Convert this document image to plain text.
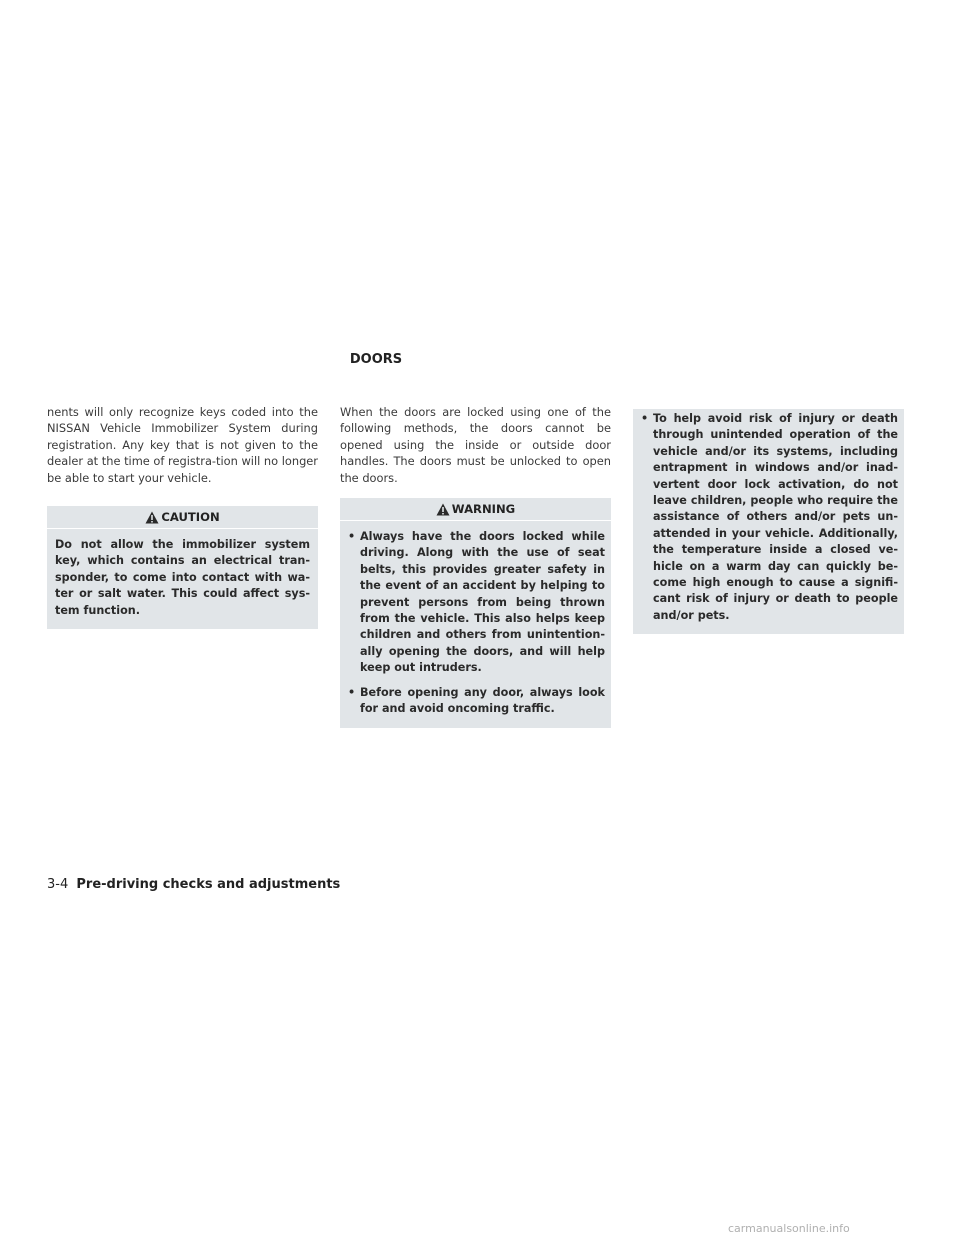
DOORS

nents will only recognize keys coded into the NISSAN Vehicle Immobilizer System during registration. Any key that is not given to the dealer at the time of registra-tion will no longer be able to start your vehicle.

CAUTION

Do not allow the immobilizer system key, which contains an electrical tran-sponder, to come into contact with wa-ter or salt water. This could affect sys-tem function.

When the doors are locked using one of the following methods, the doors cannot be opened using the inside or outside door handles. The doors must be unlocked to open the doors.

WARNING
• Always have the doors locked while driving. Along with the use of seat belts, this provides greater safety in the event of an accident by helping to prevent persons from being thrown from the vehicle. This also helps keep children and others from unintention-ally opening the doors, and will help keep out intruders.
• Before opening any door, always look for and avoid oncoming traffic.
• To help avoid risk of injury or death through unintended operation of the vehicle and/or its systems, including entrapment in windows and/or inad-vertent door lock activation, do not leave children, people who require the assistance of others and/or pets un-attended in your vehicle. Additionally, the temperature inside a closed ve-hicle on a warm day can quickly be-come high enough to cause a signifi-cant risk of injury or death to people and/or pets.
3-4 Pre-driving checks and adjustments
carmanualsonline.info
